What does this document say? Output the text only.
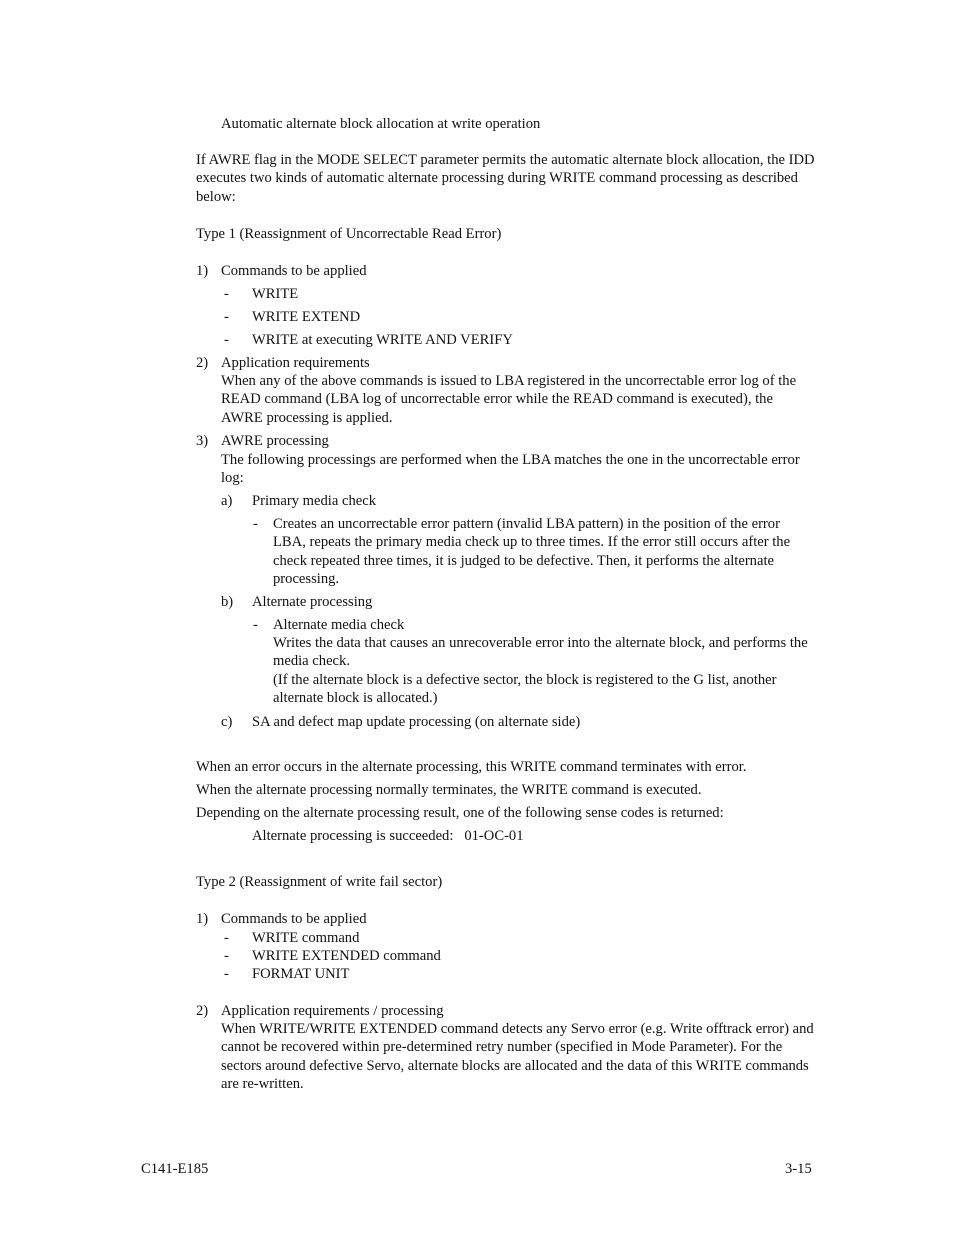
Automatic alternate block allocation at write operation
If AWRE flag in the MODE SELECT parameter permits the automatic alternate block allocation, the IDD executes two kinds of automatic alternate processing during WRITE command processing as described below:
Type 1 (Reassignment of Uncorrectable Read Error)
1) Commands to be applied
- WRITE
- WRITE EXTEND
- WRITE at executing WRITE AND VERIFY
2) Application requirements
When any of the above commands is issued to LBA registered in the uncorrectable error log of the READ command (LBA log of uncorrectable error while the READ command is executed), the AWRE processing is applied.
3) AWRE processing
The following processings are performed when the LBA matches the one in the uncorrectable error log:
a) Primary media check
- Creates an uncorrectable error pattern (invalid LBA pattern) in the position of the error LBA, repeats the primary media check up to three times. If the error still occurs after the check repeated three times, it is judged to be defective. Then, it performs the alternate processing.
b) Alternate processing
- Alternate media check
Writes the data that causes an unrecoverable error into the alternate block, and performs the media check.
(If the alternate block is a defective sector, the block is registered to the G list, another alternate block is allocated.)
c) SA and defect map update processing (on alternate side)
When an error occurs in the alternate processing, this WRITE command terminates with error.
When the alternate processing normally terminates, the WRITE command is executed.
Depending on the alternate processing result, one of the following sense codes is returned:
Alternate processing is succeeded:   01-OC-01
Type 2 (Reassignment of write fail sector)
1) Commands to be applied
- WRITE command
- WRITE EXTENDED command
- FORMAT UNIT
2) Application requirements / processing
When WRITE/WRITE EXTENDED command detects any Servo error (e.g. Write offtrack error) and cannot be recovered within pre-determined retry number (specified in Mode Parameter). For the sectors around defective Servo, alternate blocks are allocated and the data of this WRITE commands are re-written.
C141-E185	3-15
